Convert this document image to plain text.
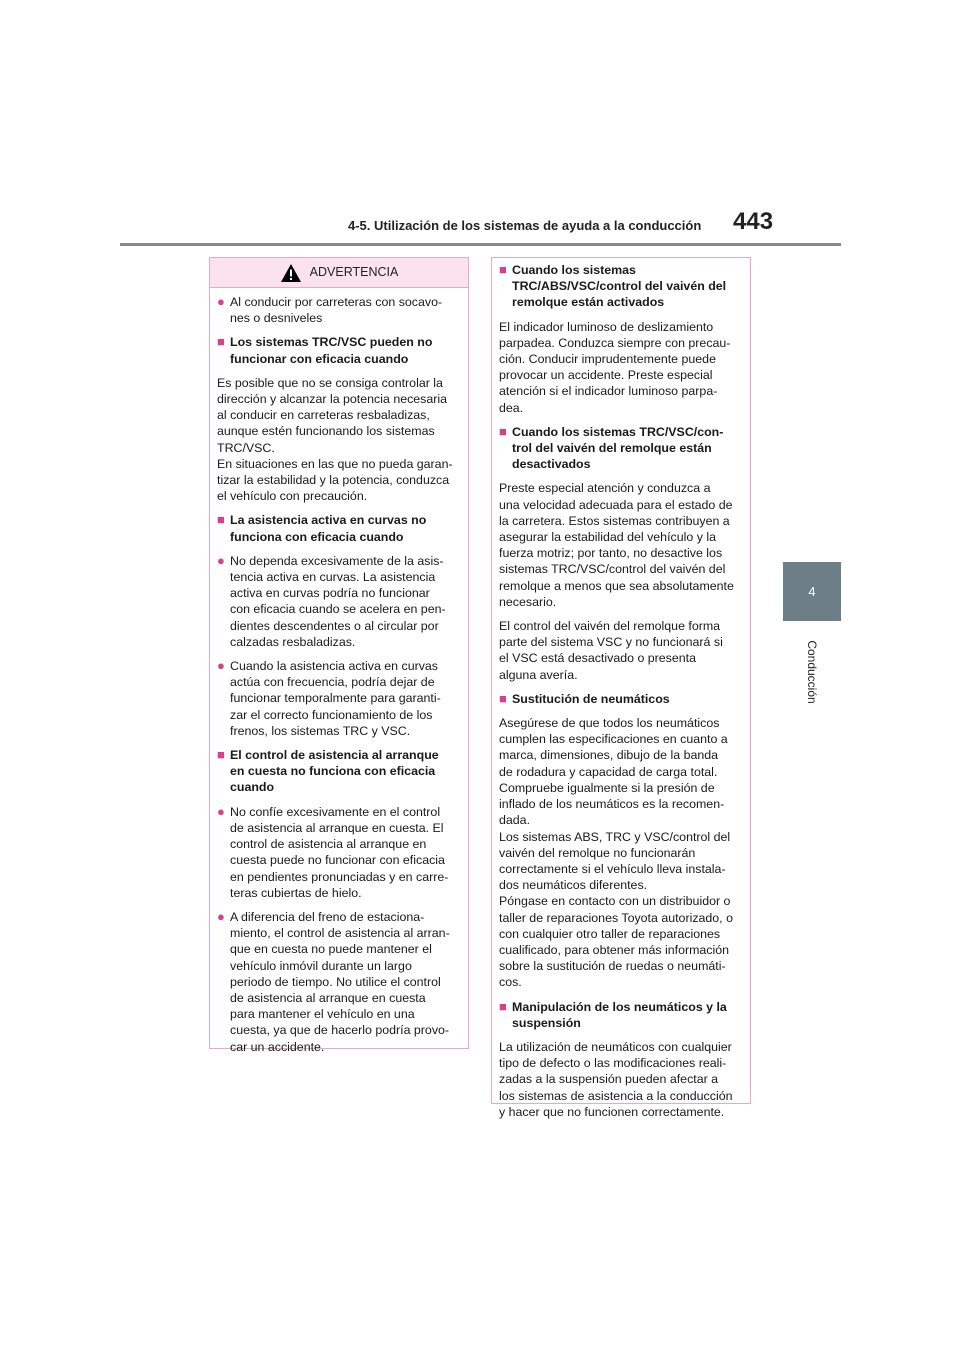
4-5. Utilización de los sistemas de ayuda a la conducción 443
4
Conducción
ADVERTENCIA
● Al conducir por carreteras con socavo-
nes o desniveles
■ Los sistemas TRC/VSC pueden no
funcionar con eficacia cuando
Es posible que no se consiga controlar la
dirección y alcanzar la potencia necesaria
al conducir en carreteras resbaladizas,
aunque estén funcionando los sistemas
TRC/VSC.
En situaciones en las que no pueda garan-
tizar la estabilidad y la potencia, conduzca
el vehículo con precaución.
■ La asistencia activa en curvas no
funciona con eficacia cuando
● No dependa excesivamente de la asis-
tencia activa en curvas. La asistencia
activa en curvas podría no funcionar
con eficacia cuando se acelera en pen-
dientes descendentes o al circular por
calzadas resbaladizas.
● Cuando la asistencia activa en curvas
actúa con frecuencia, podría dejar de
funcionar temporalmente para garanti-
zar el correcto funcionamiento de los
frenos, los sistemas TRC y VSC.
■ El control de asistencia al arranque
en cuesta no funciona con eficacia
cuando
● No confíe excesivamente en el control
de asistencia al arranque en cuesta. El
control de asistencia al arranque en
cuesta puede no funcionar con eficacia
en pendientes pronunciadas y en carre-
teras cubiertas de hielo.
● A diferencia del freno de estaciona-
miento, el control de asistencia al arran-
que en cuesta no puede mantener el
vehículo inmóvil durante un largo
periodo de tiempo. No utilice el control
de asistencia al arranque en cuesta
para mantener el vehículo en una
cuesta, ya que de hacerlo podría provo-
car un accidente.
■ Cuando los sistemas
TRC/ABS/VSC/control del vaivén del
remolque están activados
El indicador luminoso de deslizamiento
parpadea. Conduzca siempre con precau-
ción. Conducir imprudentemente puede
provocar un accidente. Preste especial
atención si el indicador luminoso parpa-
dea.
■ Cuando los sistemas TRC/VSC/con-
trol del vaivén del remolque están
desactivados
Preste especial atención y conduzca a
una velocidad adecuada para el estado de
la carretera. Estos sistemas contribuyen a
asegurar la estabilidad del vehículo y la
fuerza motriz; por tanto, no desactive los
sistemas TRC/VSC/control del vaivén del
remolque a menos que sea absolutamente
necesario.
El control del vaivén del remolque forma
parte del sistema VSC y no funcionará si
el VSC está desactivado o presenta
alguna avería.
■ Sustitución de neumáticos
Asegúrese de que todos los neumáticos
cumplen las especificaciones en cuanto a
marca, dimensiones, dibujo de la banda
de rodadura y capacidad de carga total.
Compruebe igualmente si la presión de
inflado de los neumáticos es la recomen-
dada.
Los sistemas ABS, TRC y VSC/control del
vaivén del remolque no funcionarán
correctamente si el vehículo lleva instala-
dos neumáticos diferentes.
Póngase en contacto con un distribuidor o
taller de reparaciones Toyota autorizado, o
con cualquier otro taller de reparaciones
cualificado, para obtener más información
sobre la sustitución de ruedas o neumáti-
cos.
■ Manipulación de los neumáticos y la
suspensión
La utilización de neumáticos con cualquier
tipo de defecto o las modificaciones reali-
zadas a la suspensión pueden afectar a
los sistemas de asistencia a la conducción
y hacer que no funcionen correctamente.
